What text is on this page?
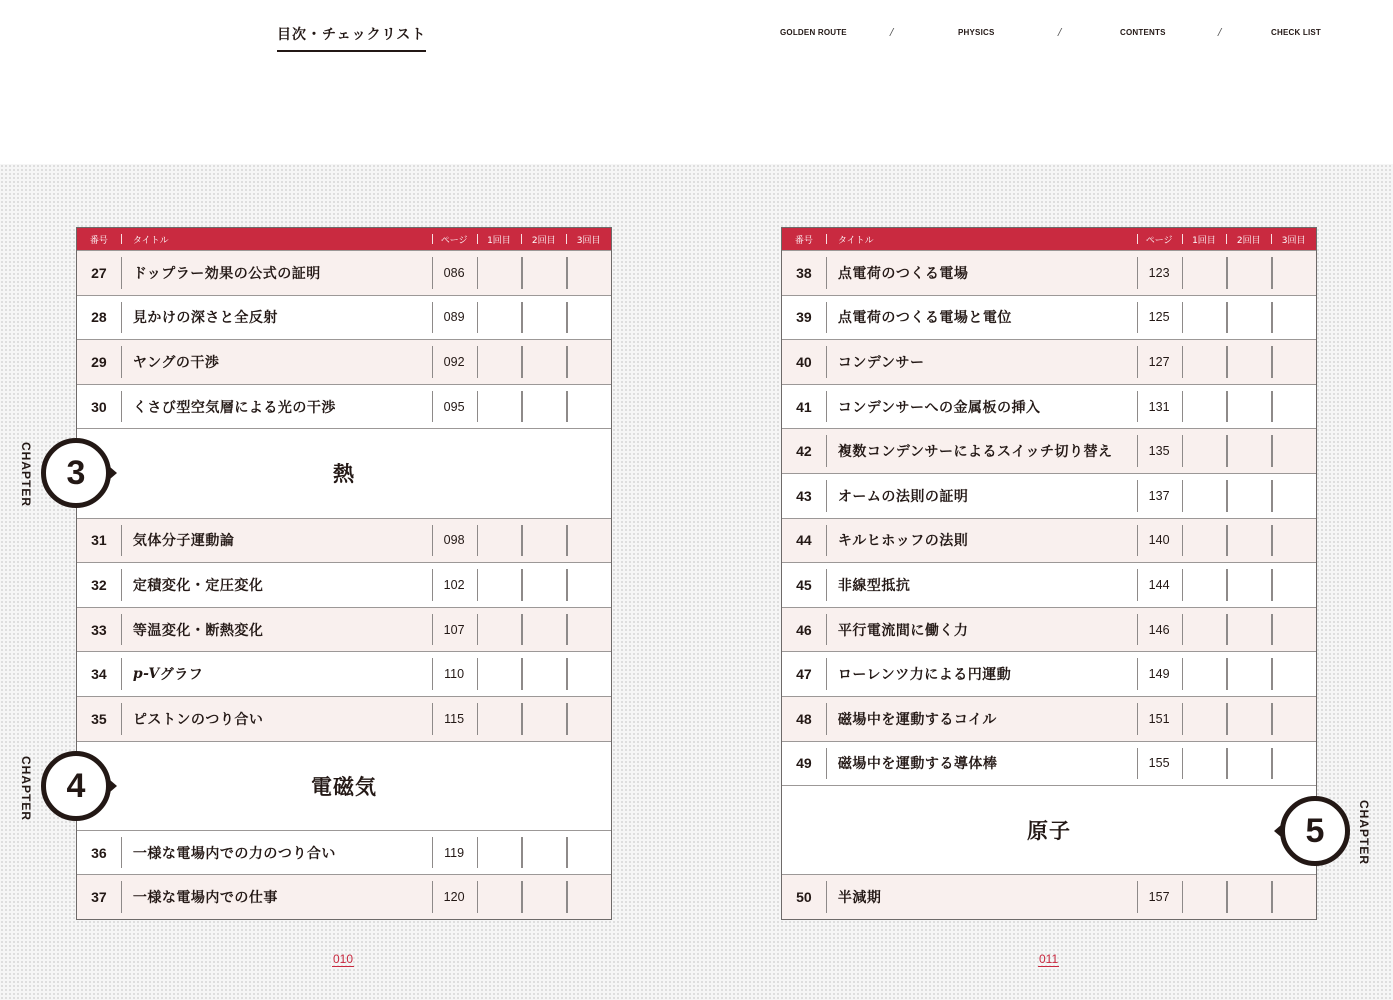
目次・チェックリスト	GOLDEN ROUTE	/	PHYSICS	/	CONTENTS	/	CHECK LIST
番号	タイトル	ページ	1回目	2回目	3回目
27	ドップラー効果の公式の証明	086
28	見かけの深さと全反射	089
29	ヤングの干渉	092
30	くさび型空気層による光の干渉	095
熱
31	気体分子運動論	098
32	定積変化・定圧変化	102
33	等温変化・断熱変化	107
34	p-V グラフ	110
35	ピストンのつり合い	115
電磁気
36	一様な電場内での力のつり合い	119
37	一様な電場内での仕事	120
CHAPTER 3
CHAPTER 4
番号	タイトル	ページ	1回目	2回目	3回目
38	点電荷のつくる電場	123
39	点電荷のつくる電場と電位	125
40	コンデンサー	127
41	コンデンサーへの金属板の挿入	131
42	複数コンデンサーによるスイッチ切り替え	135
43	オームの法則の証明	137
44	キルヒホッフの法則	140
45	非線型抵抗	144
46	平行電流間に働く力	146
47	ローレンツ力による円運動	149
48	磁場中を運動するコイル	151
49	磁場中を運動する導体棒	155
原子
50	半減期	157
5	CHAPTER
010	011
